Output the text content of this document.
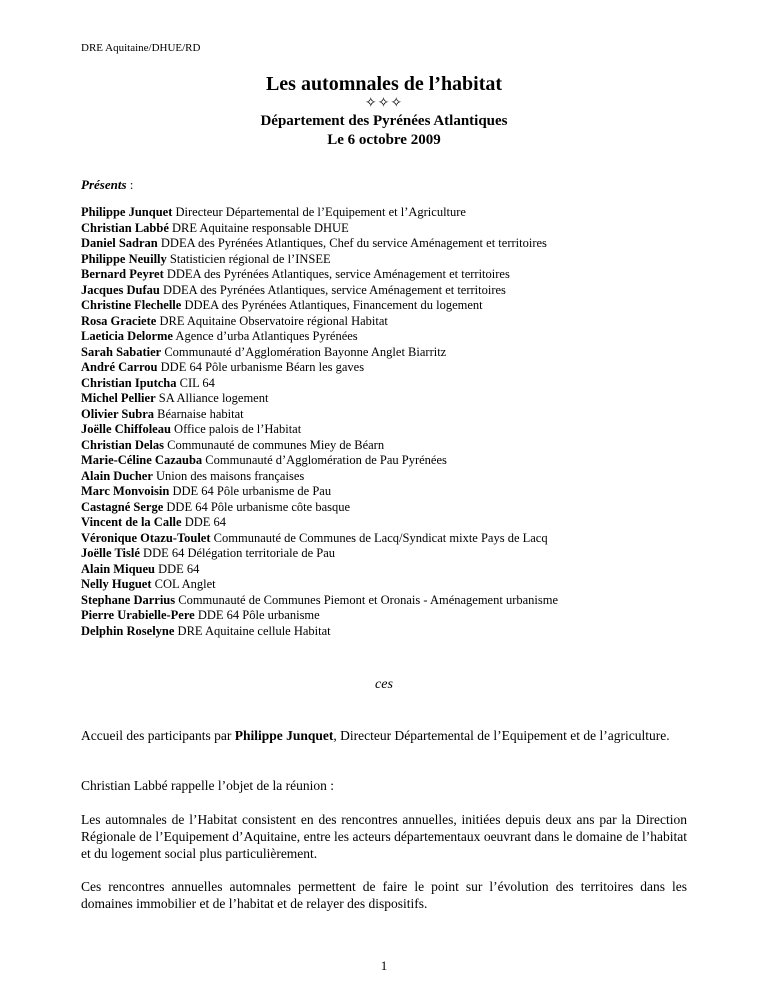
DRE Aquitaine/DHUE/RD
Les automnales de l’habitat
✧✧✧
Département des Pyrénées Atlantiques
Le 6 octobre 2009
Présents :
Philippe Junquet Directeur Départemental de l’Equipement et l’Agriculture
Christian Labbé DRE Aquitaine responsable DHUE
Daniel Sadran DDEA des Pyrénées Atlantiques, Chef du service Aménagement et territoires
Philippe Neuilly Statisticien régional de l’INSEE
Bernard Peyret DDEA des Pyrénées Atlantiques, service Aménagement et territoires
Jacques Dufau DDEA des Pyrénées Atlantiques, service Aménagement et territoires
Christine Flechelle DDEA des Pyrénées Atlantiques, Financement du logement
Rosa Graciete DRE Aquitaine Observatoire régional Habitat
Laeticia Delorme Agence d’urba Atlantiques Pyrénées
Sarah Sabatier Communauté d’Agglomération Bayonne Anglet Biarritz
André Carrou DDE 64 Pôle urbanisme Béarn les gaves
Christian Iputcha CIL 64
Michel Pellier SA Alliance logement
Olivier Subra Béarnaise habitat
Joëlle Chiffoleau Office palois de l’Habitat
Christian Delas Communauté de communes Miey de Béarn
Marie-Céline Cazauba Communauté d’Agglomération de Pau Pyrénées
Alain Ducher Union des maisons françaises
Marc Monvoisin DDE 64 Pôle urbanisme de Pau
Castagné Serge DDE 64 Pôle urbanisme côte basque
Vincent de la Calle DDE 64
Véronique Otazu-Toulet Communauté de Communes de Lacq/Syndicat mixte Pays de Lacq
Joëlle Tislé DDE 64 Délégation territoriale de Pau
Alain Miqueu DDE 64
Nelly Huguet COL Anglet
Stephane Darrius Communauté de Communes Piemont et Oronais - Aménagement urbanisme
Pierre Urabielle-Pere DDE 64 Pôle urbanisme
Delphin Roselyne DRE Aquitaine cellule Habitat
ces
Accueil des participants par Philippe Junquet, Directeur Départemental de l’Equipement et de l’agriculture.
Christian Labbé rappelle l’objet de la réunion :
Les automnales de l’Habitat consistent en des rencontres annuelles, initiées depuis deux ans par la Direction Régionale de l’Equipement d’Aquitaine, entre les acteurs départementaux oeuvrant dans le domaine de l’habitat et du logement social plus particulièrement.
Ces rencontres annuelles automnales permettent de faire le point sur l’évolution des territoires dans les domaines immobilier et de l’habitat et de relayer des dispositifs.
1
